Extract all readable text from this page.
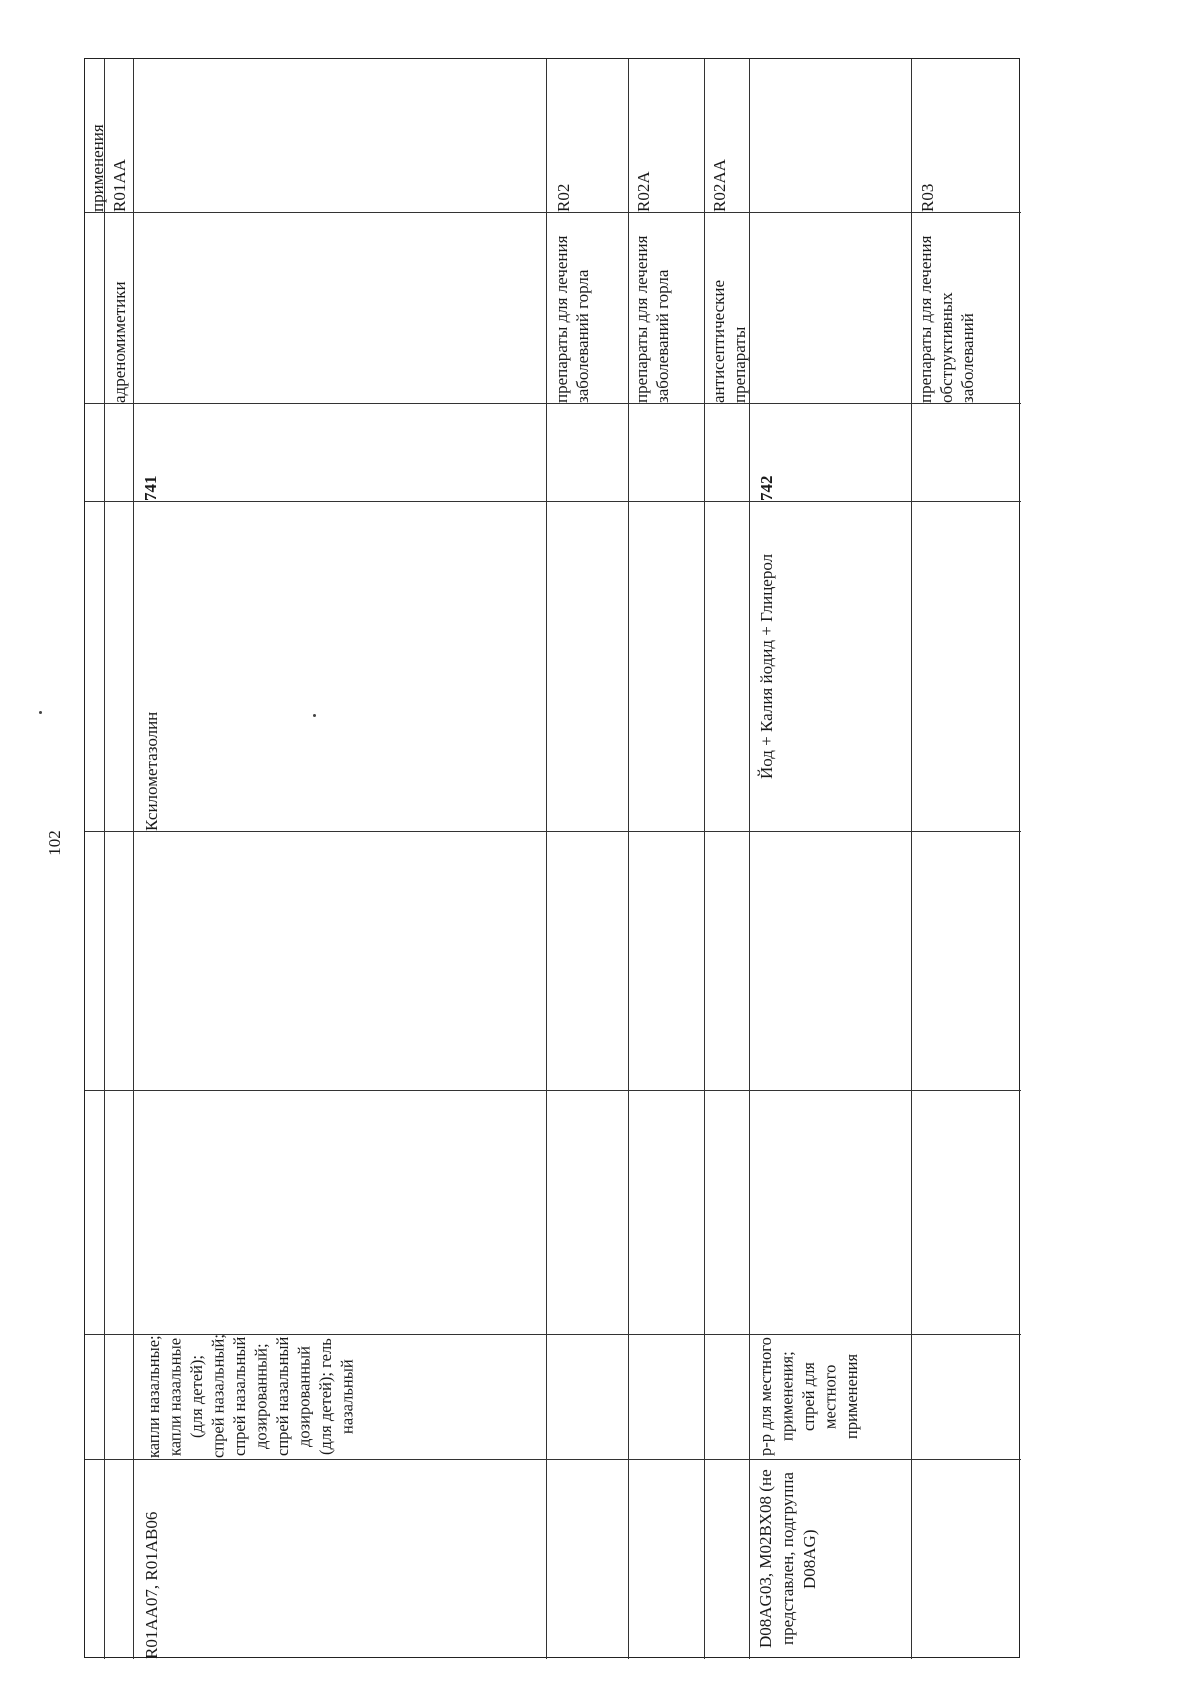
102
применения
адреномиметики
R01AA
741
Ксилометазолин
капли назальные; капли назальные (для детей); спрей назальный; спрей назальный дозированный; спрей назальный дозированный (для детей); гель назальный
R01AA07, R01AB06
R02
препараты для лечения заболеваний горла
R02A
препараты для лечения заболеваний горла
R02AA
антисептические препараты
742
Йод + Калия йодид + Глицерол
р-р для местного применения; спрей для местного применения
D08AG03, M02BX08 (не представлен, подгруппа D08AG)
R03
препараты для лечения обструктивных заболеваний
